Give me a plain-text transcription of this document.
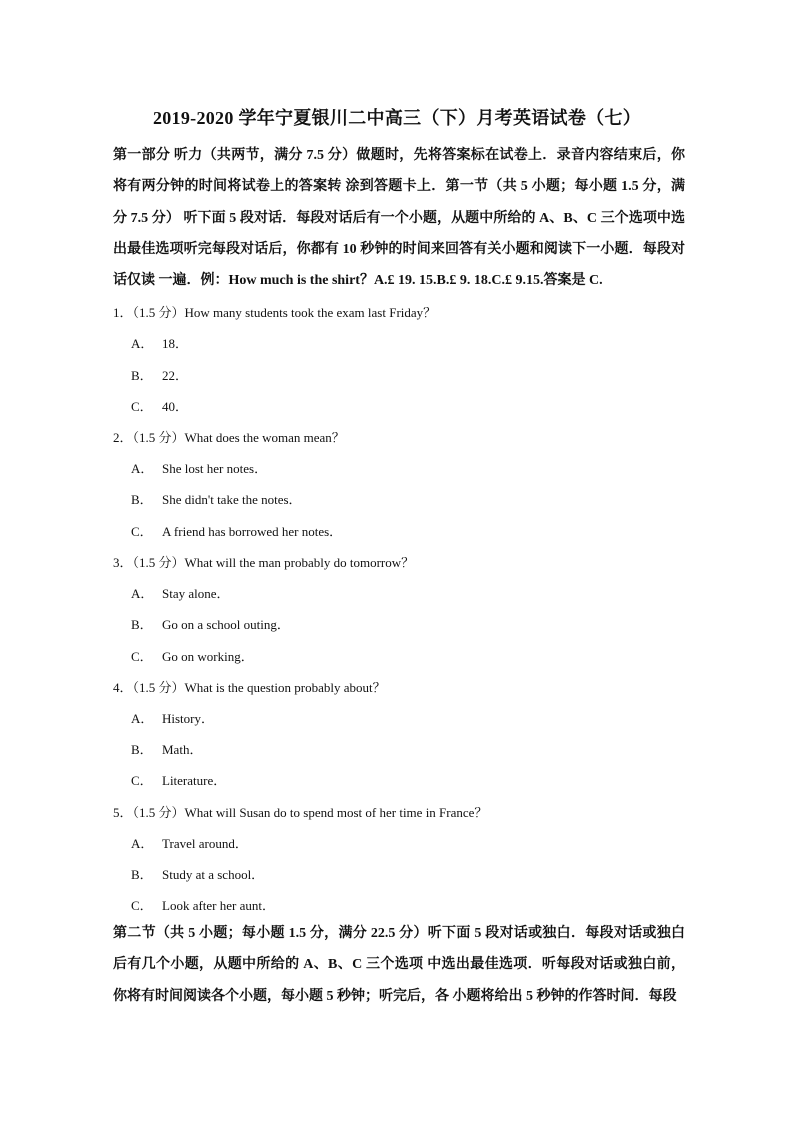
2019-2020 学年宁夏银川二中高三（下）月考英语试卷（七）
第一部分 听力（共两节，满分 7.5 分）做题时，先将答案标在试卷上．录音内容结束后，你将有两分钟的时间将试卷上的答案转 涂到答题卡上．第一节（共 5 小题；每小题 1.5 分，满分 7.5 分） 听下面 5 段对话．每段对话后有一个小题，从题中所给的 A、B、C 三个选项中选出最佳选项听完每段对话后，你都有 10 秒钟的时间来回答有关小题和阅读下一小题．每段对话仅读 一遍．例：How much is the shirt？A.£ 19. 15.B.£ 9. 18.C.£ 9.15.答案是 C.
1．（1.5 分）How many students took the exam last Friday？
A． 18．
B． 22．
C． 40．
2．（1.5 分）What does the woman mean？
A． She lost her notes．
B． She didn't take the notes．
C． A friend has borrowed her notes．
3．（1.5 分）What will the man probably do tomorrow？
A． Stay alone．
B． Go on a school outing．
C． Go on working．
4．（1.5 分）What is the question probably about？
A． History．
B． Math．
C． Literature．
5．（1.5 分）What will Susan do to spend most of her time in France？
A． Travel around．
B． Study at a school．
C． Look after her aunt．
第二节（共 5 小题；每小题 1.5 分，满分 22.5 分）听下面 5 段对话或独白．每段对话或独白后有几个小题，从题中所给的 A、B、C 三个选项 中选出最佳选项．听每段对话或独白前，你将有时间阅读各个小题，每小题 5 秒钟；听完后，各 小题将给出 5 秒钟的作答时间．每段
